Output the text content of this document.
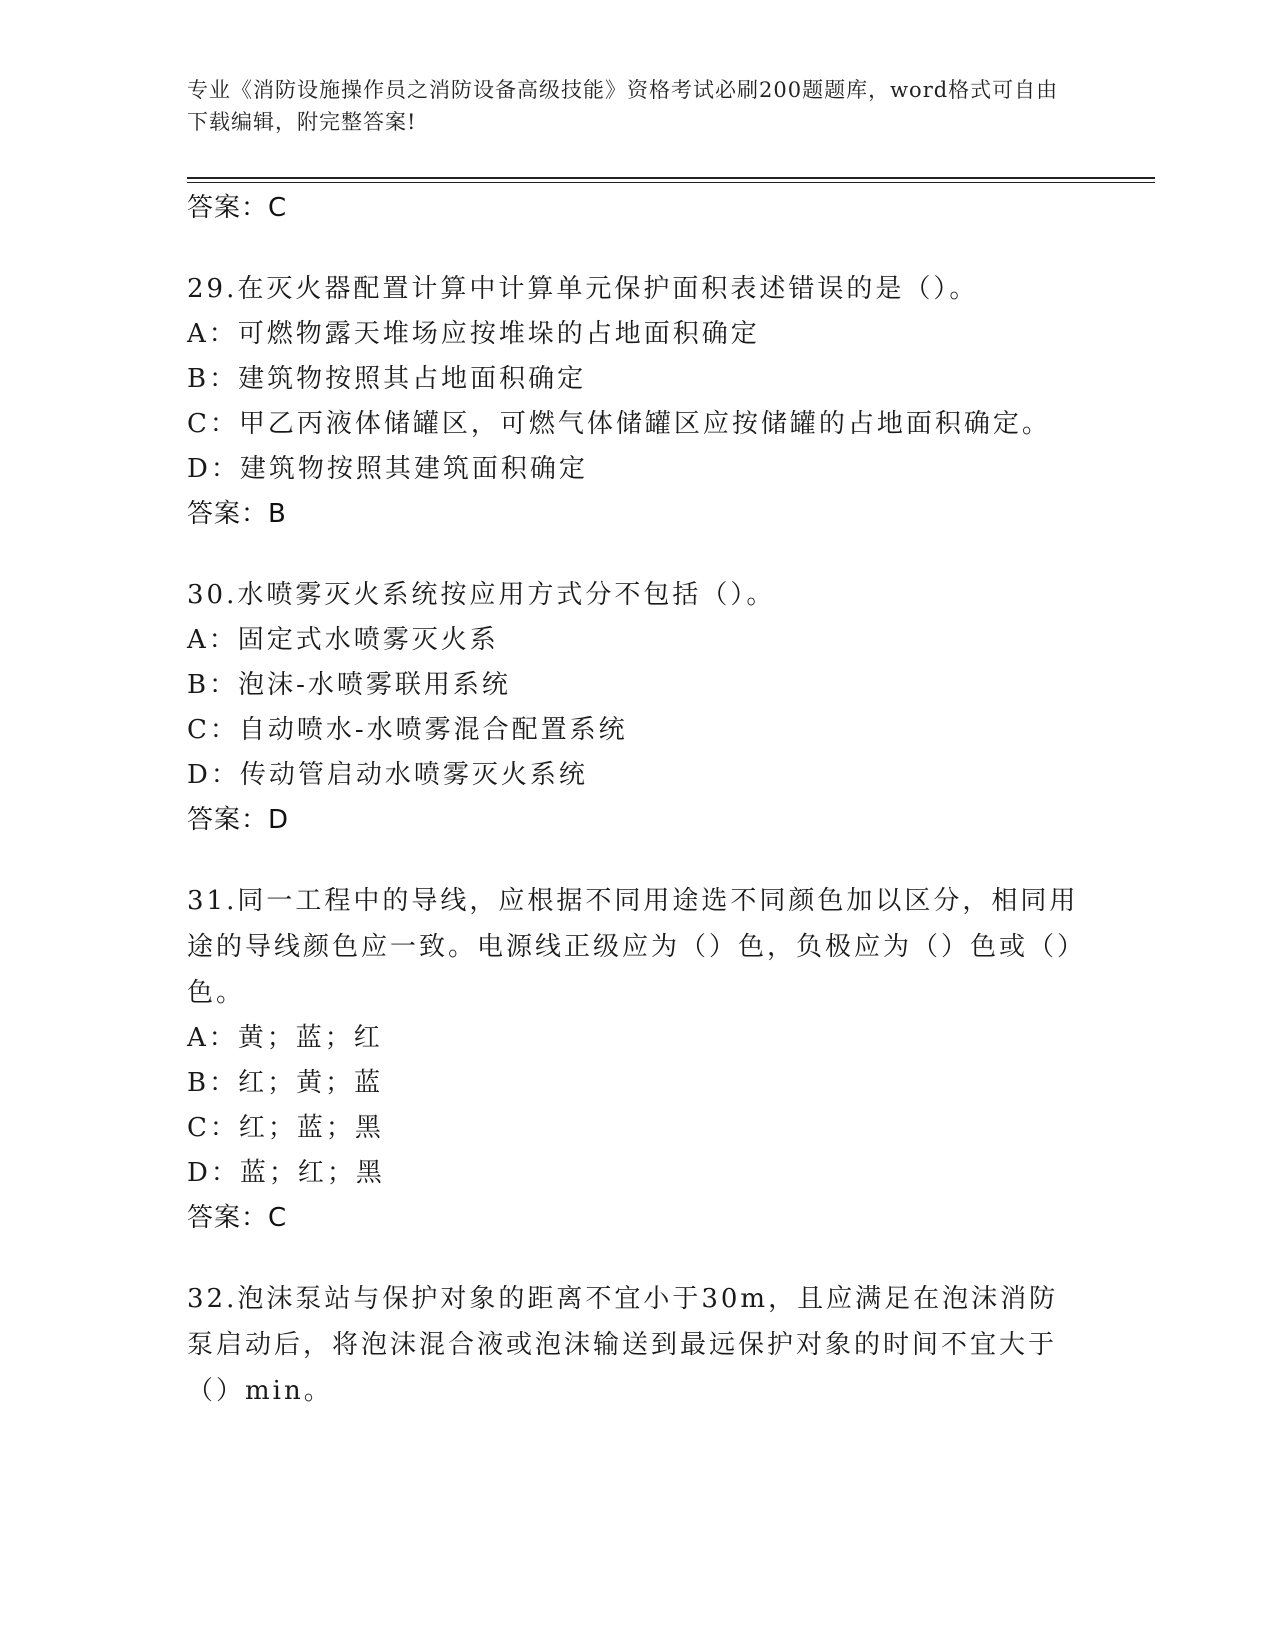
专业《消防设施操作员之消防设备高级技能》资格考试必刷200题题库，word格式可自由下载编辑，附完整答案!
答案：C
29.在灭火器配置计算中计算单元保护面积表述错误的是（）。
A：可燃物露天堆场应按堆垛的占地面积确定
B：建筑物按照其占地面积确定
C：甲乙丙液体储罐区，可燃气体储罐区应按储罐的占地面积确定。
D：建筑物按照其建筑面积确定
答案：B
30.水喷雾灭火系统按应用方式分不包括（）。
A：固定式水喷雾灭火系
B：泡沫-水喷雾联用系统
C：自动喷水-水喷雾混合配置系统
D：传动管启动水喷雾灭火系统
答案：D
31.同一工程中的导线，应根据不同用途选不同颜色加以区分，相同用途的导线颜色应一致。电源线正级应为（）色，负极应为（）色或（）色。
A：黄；蓝；红
B：红；黄；蓝
C：红；蓝；黑
D：蓝；红；黑
答案：C
32.泡沫泵站与保护对象的距离不宜小于30m，且应满足在泡沫消防泵启动后，将泡沫混合液或泡沫输送到最远保护对象的时间不宜大于（）min。
